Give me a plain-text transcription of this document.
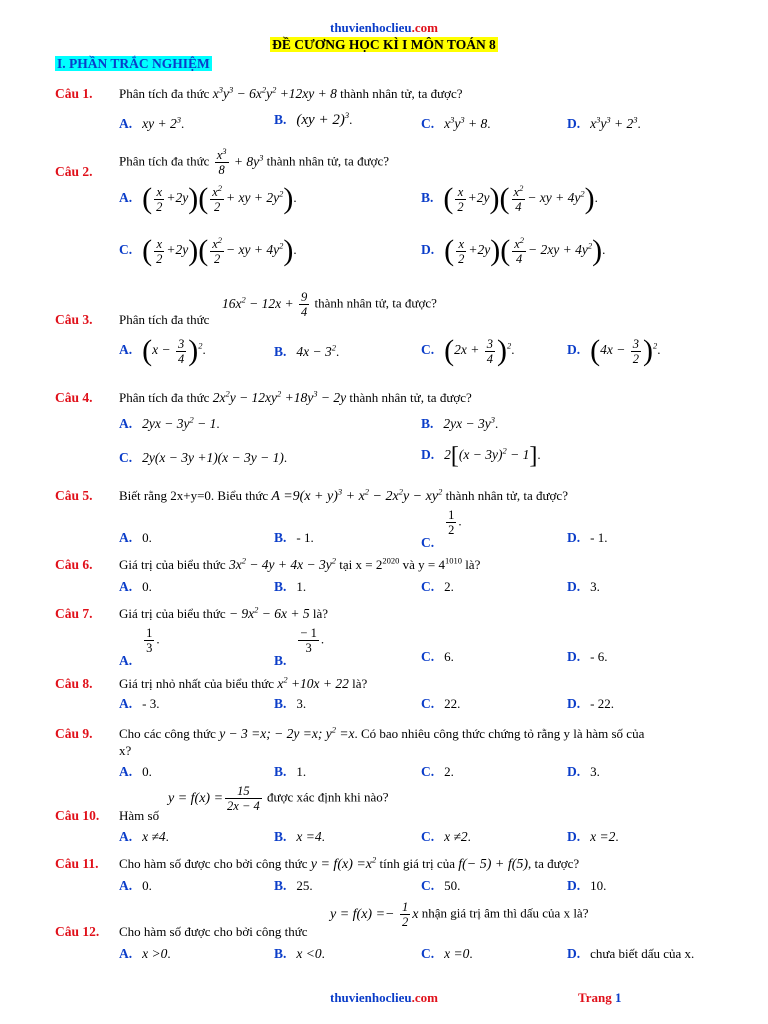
thuvienhoclieu.com
ĐỀ CƯƠNG HỌC KÌ I MÔN TOÁN 8
I. PHẦN TRẮC NGHIỆM
Câu 1. Phân tích đa thức $x^3y^3 - 6x^2y^2 +12xy + 8$ thành nhân tử, ta được?
A. xy + $2^3$.	B. (xy + 2)$^3$.	C. $x^3y^3 + 8$.	D. $x^3y^3 + 2^3$.
Câu 2.
Phân tích đa thức $\frac{x^3}{8} + 8y^3$ thành nhân tử, ta được?
A. ( $\frac{x}{2} +2y)( \frac{x^2}{2}$ + xy + $2y^2$).	B. ( $\frac{x}{2} +2y)( \frac{x^2}{4}$ − xy + $4y^2$).
C. ( $\frac{x}{2} +2y)( \frac{x^2}{2}$ − xy + $4y^2$).	D. ( $\frac{x}{2} +2y)( \frac{x^2}{4} - 2xy + 4y^2)$.
Câu 3. Phân tích đa thức
$16x^2 - 12x + \frac{9}{4}$ thành nhân tử, ta được?
A. $(x - \frac{3}{4} )^2$.	B. $4x - 3^2$.	C. $(2x + \frac{3}{4} )^2$.	D. $(4x - \frac{3}{2} )^2$.
Câu 4. Phân tích đa thức $2x^2y - 12xy^2 +18y^3 - 2y$ thành nhân tử, ta được?
A. $2yx - 3y^2 - 1$.	B. $2yx - 3y^3$.
C. 2y(x − 3y +1)(x − 3y − 1).	D. $2[(x - 3y)^2 - 1]$.
Câu 5. Biết rằng 2x+y=0. Biểu thức $A =9(x + y)^3 + x^2 - 2x^2y - xy^2$ thành nhân tử, ta được?
A. 0.	B. - 1.	C.
$\frac{1}{2}$ .
D. - 1.
Câu 6. Giá trị của biểu thức $3x^2 - 4y + 4x - 3y^2$ tại $x = 2^{2020}$ và $y = 4^{1010}$ là?
A. 0.	B. 1.	C. 2.	D. 3.
Câu 7. Giá trị của biểu thức − $9x^2 - 6x + 5$ là?
A.
$\frac{1}{3}$ .
B.
$\frac{- 1}{3}$ .
C. 6.	D. - 6.
Câu 8. Giá trị nhỏ nhất của biểu thức $x^2 +10x + 22$ là?
A. - 3.	B. 3.	C. 22.	D. - 22.
Câu 9. Cho các công thức y − 3 =x; − 2y =x; $y^2 =x$. Có bao nhiêu công thức chứng tỏ rằng y là hàm số của
x?
A. 0.	B. 1.	C. 2.	D. 3.
Câu 10. Hàm số
$y = f(x) = \frac{15}{2x - 4}$ được xác định khi nào?
A. x ≠4.	B. x =4.	C. x ≠2.	D. x =2.
Câu 11. Cho hàm số được cho bởi công thức $y = f(x) =x^2$ tính giá trị của f(− 5) + f(5), ta được?
A. 0.	B. 25.	C. 50.	D. 10.
Câu 12. Cho hàm số được cho bởi công thức
$y = f(x) =- \frac{1}{2}$ x nhận giá trị âm thì dấu của x là?
A. x >0.	B. x <0.	C. x =0.	D. chưa biết dấu của x.
thuvienhoclieu.com	Trang 1
